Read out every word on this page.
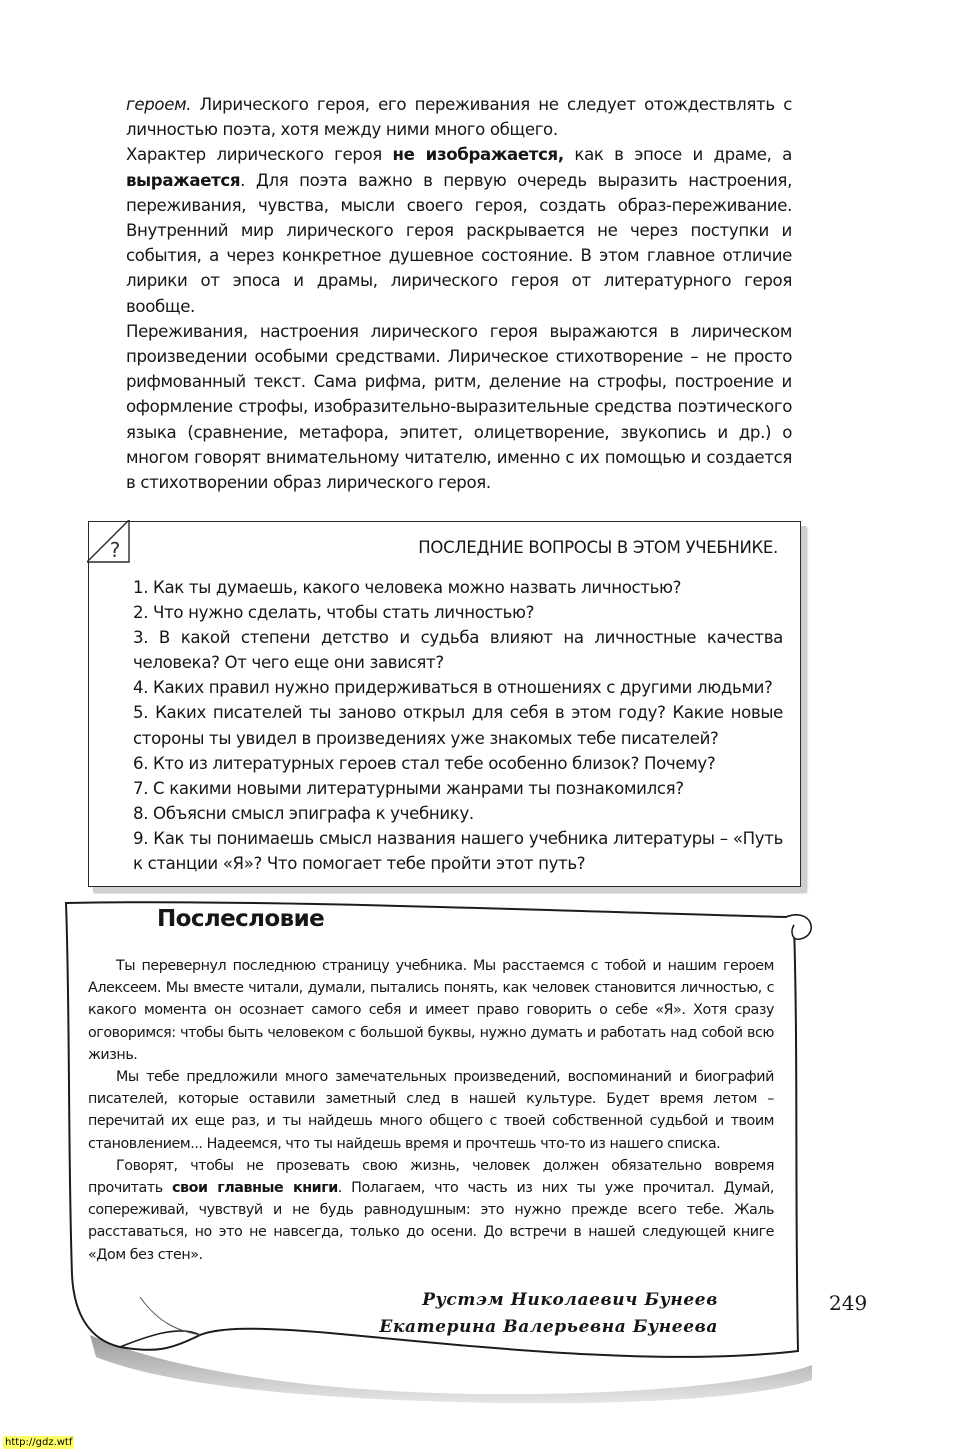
героем. Лирического героя, его переживания не следует отождествлять с личностью поэта, хотя между ними много общего.

Характер лирического героя не изображается, как в эпосе и драме, а выражается. Для поэта важно в первую очередь выразить настроения, переживания, чувства, мысли своего героя, создать образ-переживание. Внутренний мир лирического героя раскрывается не через поступки и события, а через конкретное душевное состояние. В этом главное отличие лирики от эпоса и драмы, лирического героя от литературного героя вообще.

Переживания, настроения лирического героя выражаются в лирическом произведении особыми средствами. Лирическое стихотворение – не просто рифмованный текст. Сама рифма, ритм, деление на строфы, построение и оформление строфы, изобразительно-выразительные средства поэтического языка (сравнение, метафора, эпитет, олицетворение, звукопись и др.) о многом говорят внимательному читателю, именно с их помощью и создается в стихотворении образ лирического героя.

?	ПОСЛЕДНИЕ ВОПРОСЫ В ЭТОМ УЧЕБНИКЕ.
1. Как ты думаешь, какого человека можно назвать личностью?
2. Что нужно сделать, чтобы стать личностью?
3. В какой степени детство и судьба влияют на личностные качества человека? От чего еще они зависят?
4. Каких правил нужно придерживаться в отношениях с другими людьми?
5. Каких писателей ты заново открыл для себя в этом году? Какие новые стороны ты увидел в произведениях уже знакомых тебе писателей?
6. Кто из литературных героев стал тебе особенно близок? Почему?
7. С какими новыми литературными жанрами ты познакомился?
8. Объясни смысл эпиграфа к учебнику.
9. Как ты понимаешь смысл названия нашего учебника литературы – «Путь к станции «Я»? Что помогает тебе пройти этот путь?
Послесловие

Ты перевернул последнюю страницу учебника. Мы расстаемся с тобой и нашим героем Алексеем. Мы вместе читали, думали, пытались понять, как человек становится личностью, с какого момента он осознает самого себя и имеет право говорить о себе «Я». Хотя сразу оговоримся: чтобы быть человеком с большой буквы, нужно думать и работать над собой всю жизнь.

Мы тебе предложили много замечательных произведений, воспоминаний и биографий писателей, которые оставили заметный след в нашей культуре. Будет время летом – перечитай их еще раз, и ты найдешь много общего с твоей собственной судьбой и твоим становлением... Надеемся, что ты найдешь время и прочтешь что-то из нашего списка.

Говорят, чтобы не прозевать свою жизнь, человек должен обязательно вовремя прочитать свои главные книги. Полагаем, что часть из них ты уже прочитал. Думай, сопереживай, чувствуй и не будь равнодушным: это нужно прежде всего тебе. Жаль расставаться, но это не навсегда, только до осени. До встречи в нашей следующей книге «Дом без стен».

Рустэм Николаевич Бунеев
Екатерина Валерьевна Бунеева
249
http://gdz.wtf
